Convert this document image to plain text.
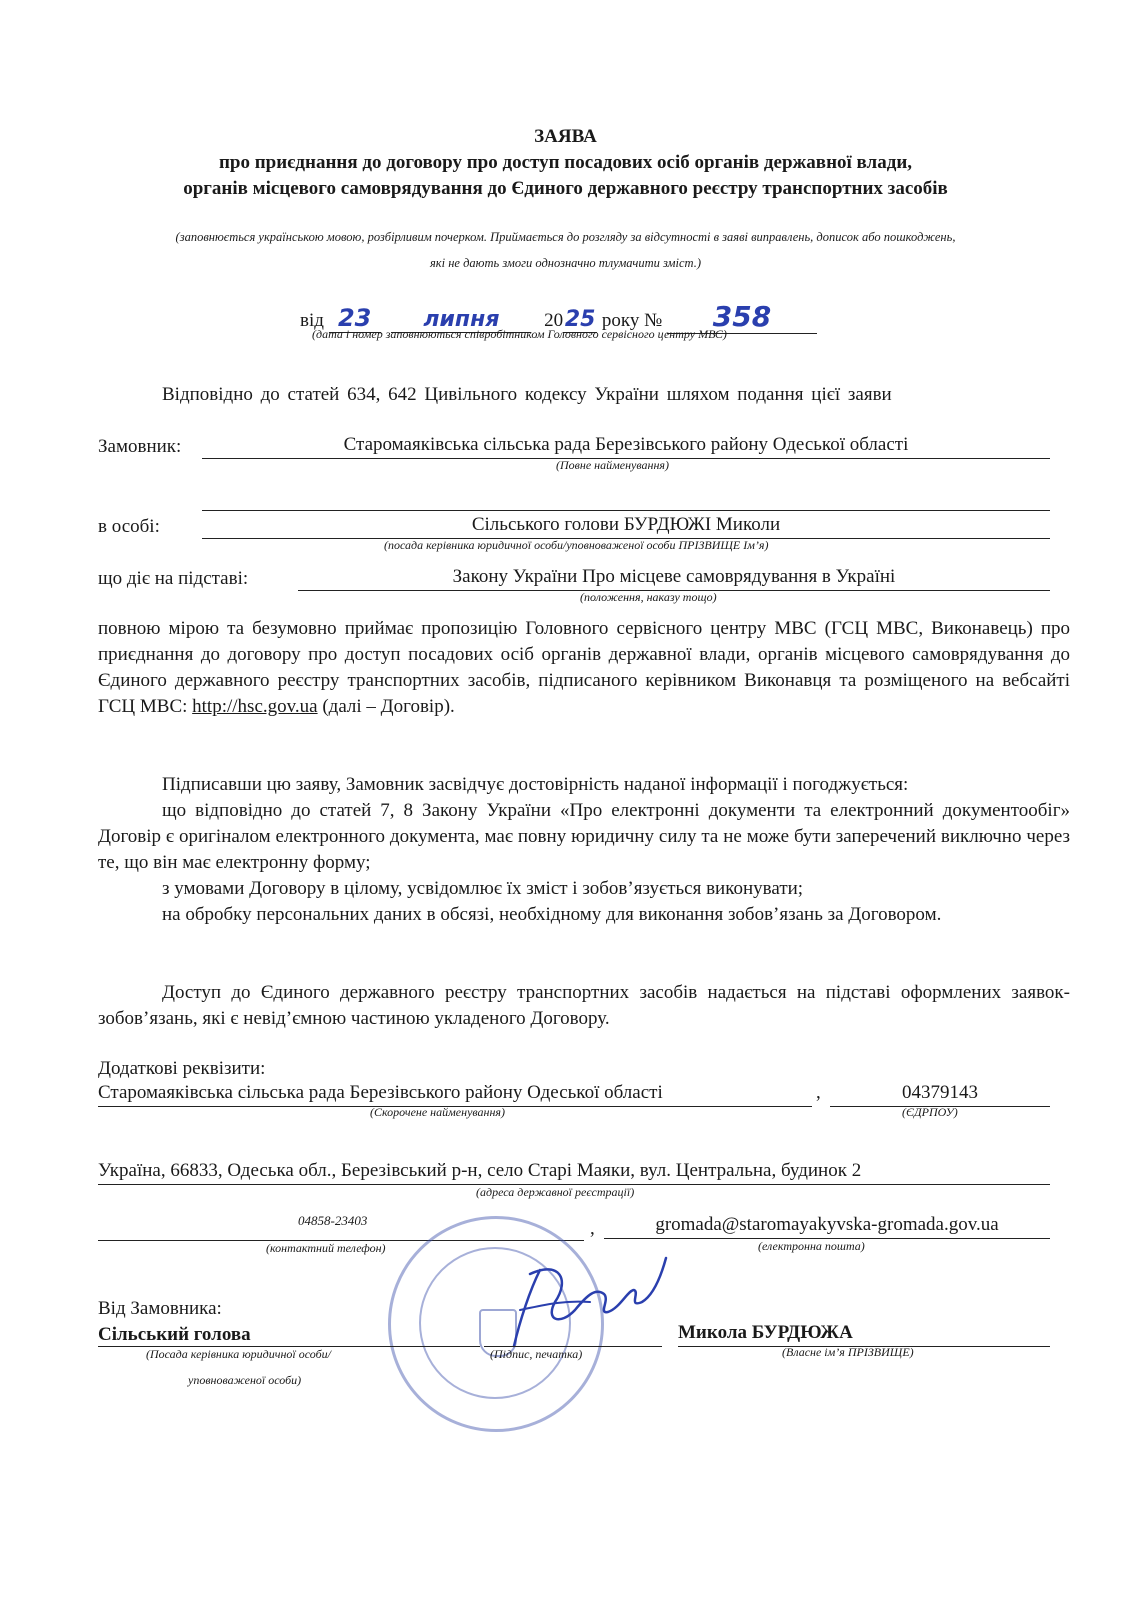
ЗАЯВА
про приєднання до договору про доступ посадових осіб органів державної влади,
органів місцевого самоврядування до Єдиного державного реєстру транспортних засобів
(заповнюється українською мовою, розбірливим почерком. Приймається до розгляду за відсутності в заяві виправлень, дописок або пошкоджень,
які не дають змоги однозначно тлумачити зміст.)
від 23 липня 2025 року № 358
(дата і номер заповнюються співробітником Головного сервісного центру МВС)
Відповідно до статей 634, 642 Цивільного кодексу України шляхом подання цієї заяви
Замовник:	Старомаяківська сільська рада Березівського району Одеської області
(Повне найменування)
в особі:	Сільського голови БУРДЮЖІ Миколи
(посада керівника юридичної особи/уповноваженої особи ПРІЗВИЩЕ Ім’я)
що діє на підставі:	Закону України Про місцеве самоврядування в Україні
(положення, наказу тощо)
повною мірою та безумовно приймає пропозицію Головного сервісного центру МВС (ГСЦ МВС, Виконавець) про приєднання до договору про доступ посадових осіб органів державної влади, органів місцевого самоврядування до Єдиного державного реєстру транспортних засобів, підписаного керівником Виконавця та розміщеного на вебсайті ГСЦ МВС: http://hsc.gov.ua (далі – Договір).
Підписавши цю заяву, Замовник засвідчує достовірність наданої інформації і погоджується:
що відповідно до статей 7, 8 Закону України «Про електронні документи та електронний документообіг» Договір є оригіналом електронного документа, має повну юридичну силу та не може бути заперечений виключно через те, що він має електронну форму;
з умовами Договору в цілому, усвідомлює їх зміст і зобов’язується виконувати;
на обробку персональних даних в обсязі, необхідному для виконання зобов’язань за Договором.
Доступ до Єдиного державного реєстру транспортних засобів надається на підставі оформлених заявок-зобов’язань, які є невід’ємною частиною укладеного Договору.
Додаткові реквізити:
Старомаяківська сільська рада Березівського району Одеської області	,	04379143
(Скорочене найменування)	(ЄДРПОУ)
Україна, 66833, Одеська обл., Березівський р-н, село Старі Маяки, вул. Центральна, будинок 2
(адреса державної реєстрації)
04858-23403	,	gromada@staromayakyvska-gromada.gov.ua
(контактний телефон)	(електронна пошта)
Від Замовника:
Сільський голова	Микола БУРДЮЖА
(Посада керівника юридичної особи/
уповноваженої особи)
(Підпис, печатка)	(Власне ім’я ПРІЗВИЩЕ)
